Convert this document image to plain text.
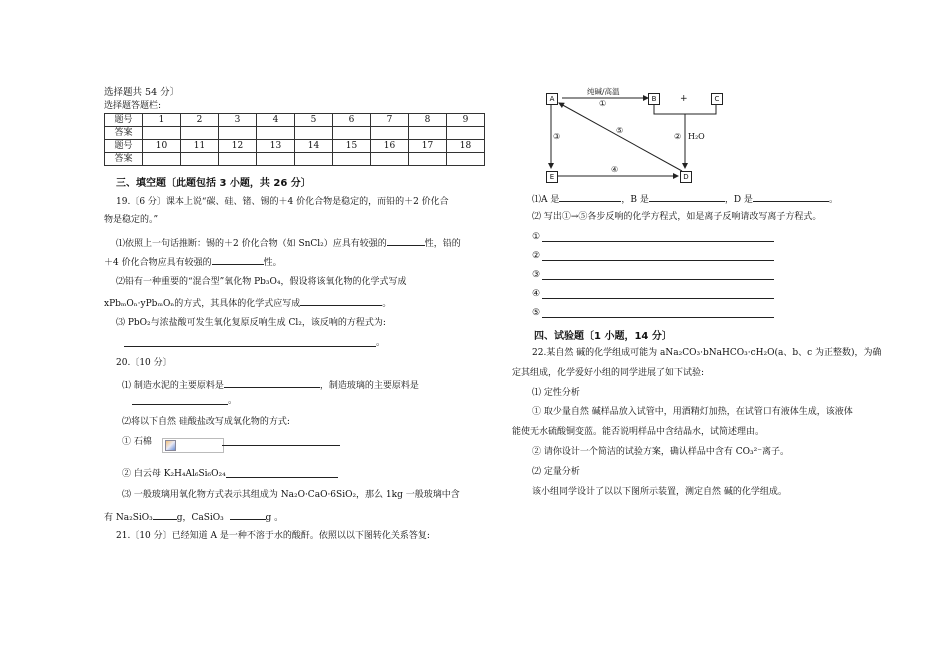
选择题共 54 分〕
选择题答题栏:
题号	1	2	3	4	5	6	7	8	9
答案									
题号	10	11	12	13	14	15	16	17	18
答案									
三、填空题〔此题包括 3 小题，共 26 分〕
19.〔6 分〕课本上说“碳、硅、锗、锡的＋4 价化合物是稳定的，而铅的＋2 价化合
物是稳定的。”
⑴依照上一句话推断：锡的＋2 价化合物（如 SnCl₂）应具有较强的	性，铅的
＋4 价化合物应具有较强的	性。
⑵铅有一种重要的“混合型”氧化物 Pb₃O₄，假设将该氧化物的化学式写成
xPbₘOₙ·yPbₘOₙ的方式，其具体的化学式应写成	。
⑶ PbO₂与浓盐酸可发生氧化复原反响生成 Cl₂，该反响的方程式为:
。
20.〔10 分〕
⑴ 制造水泥的主要原料是	，制造玻璃的主要原料是
。
⑵将以下自然 硅酸盐改写成氧化物的方式:
① 石棉
② 白云母 K₂H₄Al₆Si₆O₂₄
⑶ 一般玻璃用氧化物方式表示其组成为 Na₂O·CaO·6SiO₂，那么 1kg 一般玻璃中含
有 Na₂SiO₃	g，CaSiO₃	g 。
21.〔10 分〕已经知道 A 是一种不溶于水的酸酐。依照以以下图转化关系答复:
A	B	+	C
E	D
纯碱/高温
①
③
⑤
② H₂O
④
⑴A 是	，B 是	，D 是	。
⑵ 写出①→⑤各步反响的化学方程式，如是离子反响请改写离子方程式。
①
②
③
④
⑤
四、试验题〔1 小题，14 分〕
22.某自然 碱的化学组成可能为 aNa₂CO₃·bNaHCO₃·cH₂O(a、b、c 为正整数)，为确
定其组成，化学爱好小组的同学进展了如下试验:
⑴ 定性分析
① 取少量自然 碱样品放入试管中，用酒精灯加热，在试管口有液体生成，该液体
能使无水硫酸铜变蓝。能否说明样品中含结晶水，试简述理由。
② 请你设计一个简洁的试验方案，确认样品中含有 CO₃²⁻离子。
⑵ 定量分析
该小组同学设计了以以下图所示装置，测定自然 碱的化学组成。
